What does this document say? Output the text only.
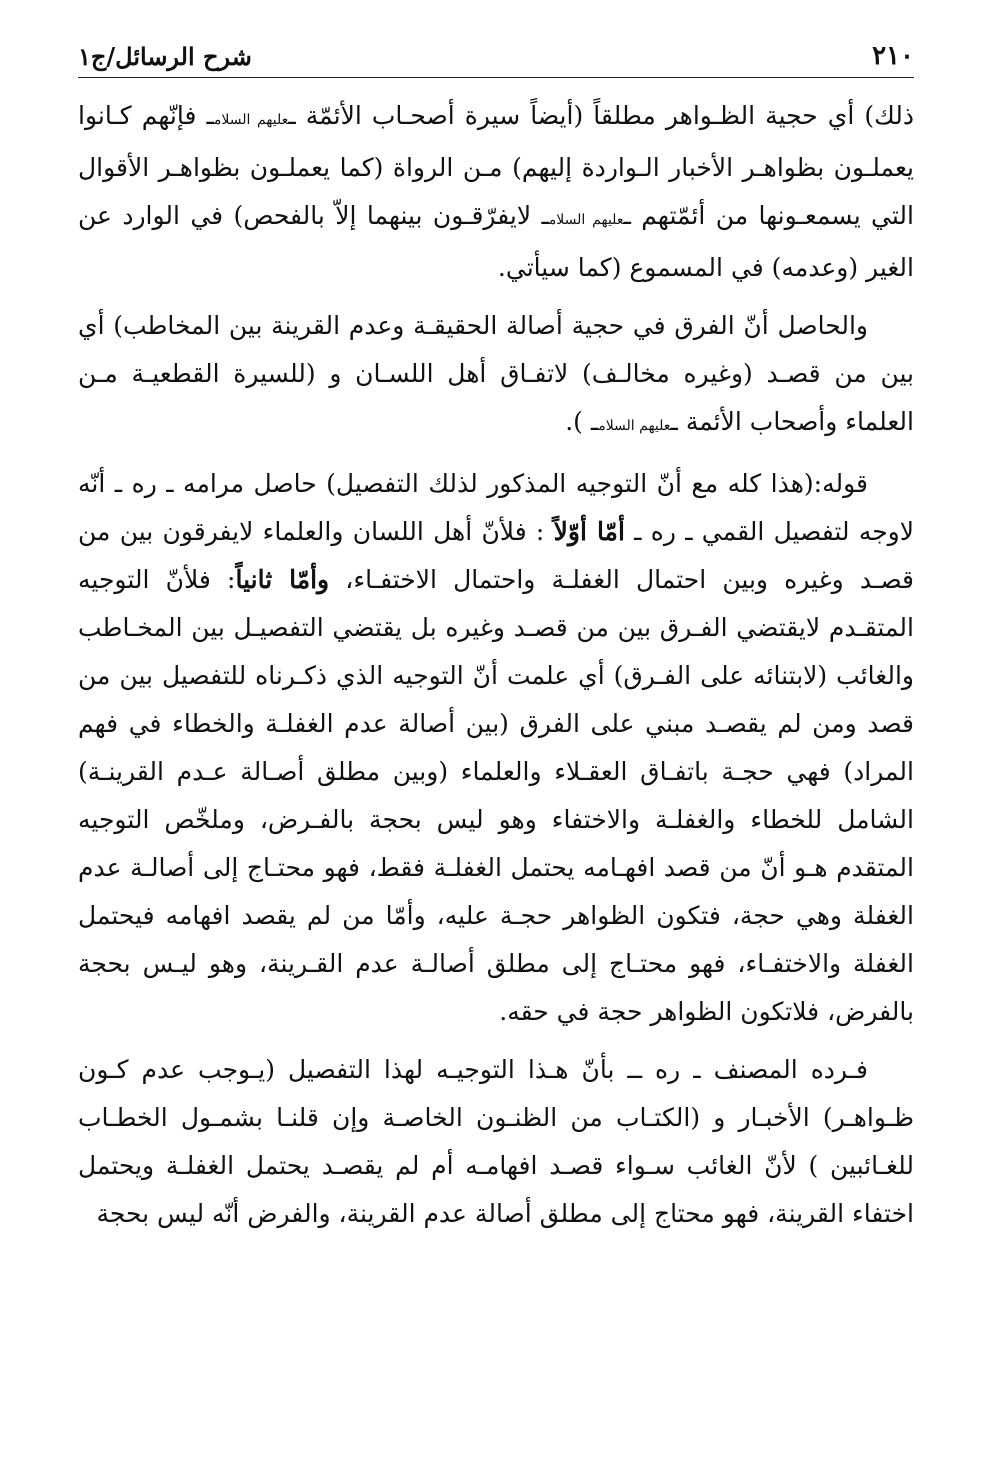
٢١٠
شرح الرسائل/ج١

ذلك) أي حجية الظـواهر مطلقاً (أيضاً سيرة أصحـاب الأئمّة ـعليهم السلامـ فإنّهم كـانوا يعملـون بظواهـر الأخبار الـواردة إليهم) مـن الرواة (كما يعملـون بظواهـر الأقوال التي يسمعـونها من أئمّتهم ـعليهم السلامـ لايفرّقـون بينهما إلاّ بالفحص) في الوارد عن الغير (وعدمه) في المسموع (كما سيأتي.

والحاصل أنّ الفرق في حجية أصالة الحقيقـة وعدم القرينة بين المخاطب) أي بين من قصـد (وغيره مخالـف) لاتفـاق أهل اللسـان و (للسيرة القطعيـة مـن العلماء وأصحاب الأئمة ـعليهم السلامـ ).

قوله:(هذا كله مع أنّ التوجيه المذكور لذلك التفصيل) حاصل مرامه ـ ره ـ أنّه لاوجه لتفصيل القمي ـ ره ـ أمّا أوّلاً : فلأنّ أهل اللسان والعلماء لايفرقون بين من قصـد وغيره وبين احتمال الغفلـة واحتمال الاختفـاء، وأمّا ثانياً: فلأنّ التوجيه المتقـدم لايقتضي الفـرق بين من قصـد وغيره بل يقتضي التفصيـل بين المخـاطب والغائب (لابتنائه على الفـرق) أي علمت أنّ التوجيه الذي ذكـرناه للتفصيل بين من قصد ومن لم يقصـد مبني على الفرق (بين أصالة عدم الغفلـة والخطاء في فهم المراد) فهي حجـة باتفـاق العقـلاء والعلماء (وبين مطلق أصـالة عـدم القرينـة) الشامل للخطاء والغفلـة والاختفاء وهو ليس بحجة بالفـرض، وملخّص التوجيه المتقدم هـو أنّ من قصد افهـامه يحتمل الغفلـة فقط، فهو محتـاج إلى أصالـة عدم الغفلة وهي حجة، فتكون الظواهر حجـة عليه، وأمّا من لم يقصد افهامه فيحتمل الغفلة والاختفـاء، فهو محتـاج إلى مطلق أصالـة عدم القـرينة، وهو ليـس بحجة بالفرض، فلاتكون الظواهر حجة في حقه.

فـرده المصنف ـ ره ــ بأنّ هـذا التوجيـه لهذا التفصيل (يـوجب عدم كـون ظـواهـر) الأخبـار و (الكتـاب من الظنـون الخاصـة وإن قلنـا بشمـول الخطـاب للغـائبين ) لأنّ الغائب سـواء قصـد افهامـه أم لم يقصـد يحتمل الغفلـة ويحتمل اختفاء القرينة، فهو محتاج إلى مطلق أصالة عدم القرينة، والفرض أنّه ليس بحجة
